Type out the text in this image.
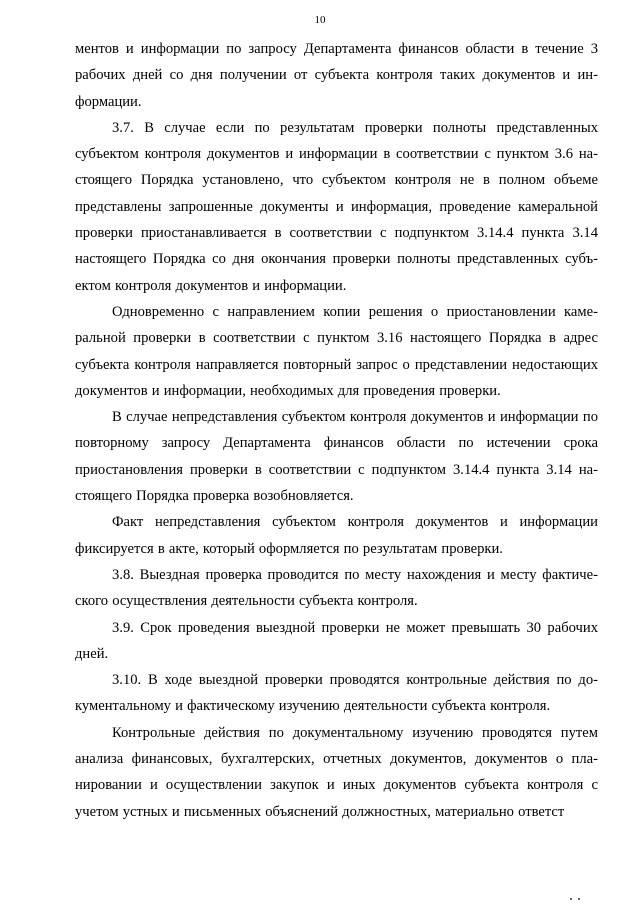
10

ментов и информации по запросу Департамента финансов области в течение 3 рабочих дней со дня получении от субъекта контроля таких документов и информации.

3.7. В случае если по результатам проверки полноты представленных субъектом контроля документов и информации в соответствии с пунктом 3.6 настоящего Порядка установлено, что субъектом контроля не в полном объеме представлены запрошенные документы и информация, проведение камеральной проверки приостанавливается в соответствии с подпунктом 3.14.4 пункта 3.14 настоящего Порядка со дня окончания проверки полноты представленных субъектом контроля документов и информации.

Одновременно с направлением копии решения о приостановлении камеральной проверки в соответствии с пунктом 3.16 настоящего Порядка в адрес субъекта контроля направляется повторный запрос о представлении недостающих документов и информации, необходимых для проведения проверки.

В случае непредставления субъектом контроля документов и информации по повторному запросу Департамента финансов области по истечении срока приостановления проверки в соответствии с подпунктом 3.14.4 пункта 3.14 настоящего Порядка проверка возобновляется.

Факт непредставления субъектом контроля документов и информации фиксируется в акте, который оформляется по результатам проверки.

3.8. Выездная проверка проводится по месту нахождения и месту фактического осуществления деятельности субъекта контроля.

3.9. Срок проведения выездной проверки не может превышать 30 рабочих дней.

3.10. В ходе выездной проверки проводятся контрольные действия по документальному и фактическому изучению деятельности субъекта контроля.

Контрольные действия по документальному изучению проводятся путем анализа финансовых, бухгалтерских, отчетных документов, документов о планировании и осуществлении закупок и иных документов субъекта контроля с учетом устных и письменных объяснений должностных, материально ответст
